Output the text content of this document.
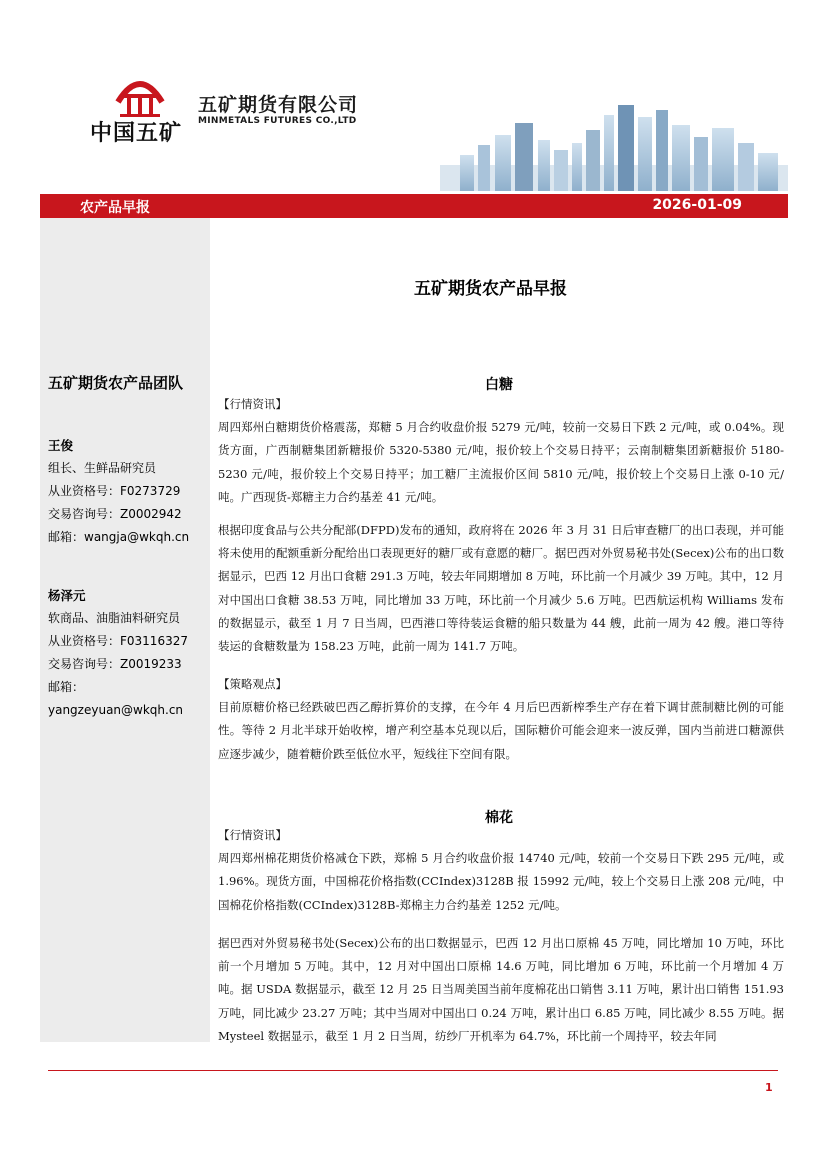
中国五矿
五矿期货有限公司
MINMETALS FUTURES CO.,LTD
农产品早报	2026-01-09
五矿期货农产品团队
王俊
组长、生鲜品研究员
从业资格号：F0273729
交易咨询号：Z0002942
邮箱：wangja@wkqh.cn
杨泽元
软商品、油脂油料研究员
从业资格号：F03116327
交易咨询号：Z0019233
邮箱：yangzeyuan@wkqh.cn
五矿期货农产品早报
白糖
【行情资讯】
周四郑州白糖期货价格震荡，郑糖 5 月合约收盘价报 5279 元/吨，较前一交易日下跌 2 元/吨，或 0.04%。现货方面，广西制糖集团新糖报价 5320-5380 元/吨，报价较上个交易日持平；云南制糖集团新糖报价 5180-5230 元/吨，报价较上个交易日持平；加工糖厂主流报价区间 5810 元/吨，报价较上个交易日上涨 0-10 元/吨。广西现货-郑糖主力合约基差 41 元/吨。
根据印度食品与公共分配部(DFPD)发布的通知，政府将在 2026 年 3 月 31 日后审查糖厂的出口表现，并可能将未使用的配额重新分配给出口表现更好的糖厂或有意愿的糖厂。据巴西对外贸易秘书处(Secex)公布的出口数据显示，巴西 12 月出口食糖 291.3 万吨，较去年同期增加 8 万吨，环比前一个月减少 39 万吨。其中，12 月对中国出口食糖 38.53 万吨，同比增加 33 万吨，环比前一个月减少 5.6 万吨。巴西航运机构 Williams 发布的数据显示，截至 1 月 7 日当周，巴西港口等待装运食糖的船只数量为 44 艘，此前一周为 42 艘。港口等待装运的食糖数量为 158.23 万吨，此前一周为 141.7 万吨。
【策略观点】
目前原糖价格已经跌破巴西乙醇折算价的支撑，在今年 4 月后巴西新榨季生产存在着下调甘蔗制糖比例的可能性。等待 2 月北半球开始收榨，增产利空基本兑现以后，国际糖价可能会迎来一波反弹，国内当前进口糖源供应逐步减少，随着糖价跌至低位水平，短线往下空间有限。
棉花
【行情资讯】
周四郑州棉花期货价格减仓下跌，郑棉 5 月合约收盘价报 14740 元/吨，较前一个交易日下跌 295 元/吨，或 1.96%。现货方面，中国棉花价格指数(CCIndex)3128B 报 15992 元/吨，较上个交易日上涨 208 元/吨，中国棉花价格指数(CCIndex)3128B-郑棉主力合约基差 1252 元/吨。
据巴西对外贸易秘书处(Secex)公布的出口数据显示，巴西 12 月出口原棉 45 万吨，同比增加 10 万吨，环比前一个月增加 5 万吨。其中，12 月对中国出口原棉 14.6 万吨，同比增加 6 万吨，环比前一个月增加 4 万吨。据 USDA 数据显示，截至 12 月 25 日当周美国当前年度棉花出口销售 3.11 万吨，累计出口销售 151.93 万吨，同比减少 23.27 万吨；其中当周对中国出口 0.24 万吨，累计出口 6.85 万吨，同比减少 8.55 万吨。据 Mysteel 数据显示，截至 1 月 2 日当周，纺纱厂开机率为 64.7%，环比前一个周持平，较去年同
1
